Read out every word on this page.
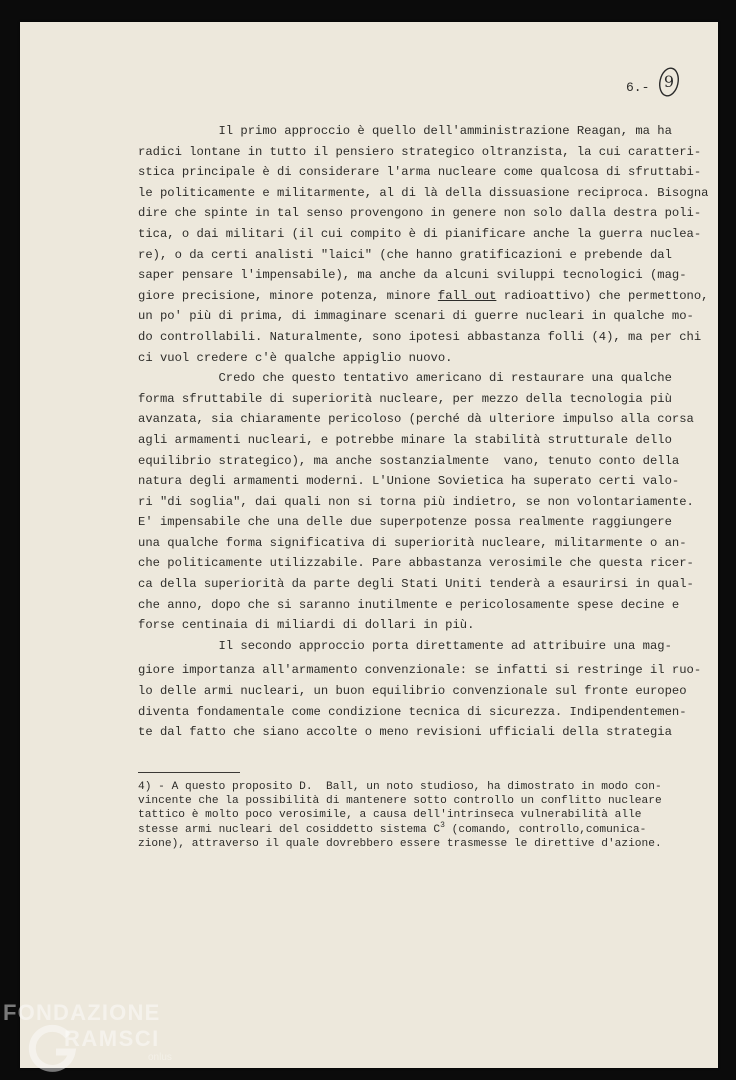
9

6.-

Il primo approccio è quello dell'amministrazione Reagan, ma ha
radici lontane in tutto il pensiero strategico oltranzista, la cui caratteri-
stica principale è di considerare l'arma nucleare come qualcosa di sfruttabi-
le politicamente e militarmente, al di là della dissuasione reciproca. Bisogna
dire che spinte in tal senso provengono in genere non solo dalla destra poli-
tica, o dai militari (il cui compito è di pianificare anche la guerra nuclea-
re), o da certi analisti "laici" (che hanno gratificazioni e prebende dal
saper pensare l'impensabile), ma anche da alcuni sviluppi tecnologici (mag-
giore precisione, minore potenza, minore fall out radioattivo) che permettono,
un po' più di prima, di immaginare scenari di guerre nucleari in qualche mo-
do controllabili. Naturalmente, sono ipotesi abbastanza folli (4), ma per chi
ci vuol credere c'è qualche appiglio nuovo.
Credo che questo tentativo americano di restaurare una qualche
forma sfruttabile di superiorità nucleare, per mezzo della tecnologia più
avanzata, sia chiaramente pericoloso (perché dà ulteriore impulso alla corsa
agli armamenti nucleari, e potrebbe minare la stabilità strutturale dello
equilibrio strategico), ma anche sostanzialmente  vano, tenuto conto della
natura degli armamenti moderni. L'Unione Sovietica ha superato certi valo-
ri "di soglia", dai quali non si torna più indietro, se non volontariamente.
E' impensabile che una delle due superpotenze possa realmente raggiungere
una qualche forma significativa di superiorità nucleare, militarmente o an-
che politicamente utilizzabile. Pare abbastanza verosimile che questa ricer-
ca della superiorità da parte degli Stati Uniti tenderà a esaurirsi in qual-
che anno, dopo che si saranno inutilmente e pericolosamente spese decine e
forse centinaia di miliardi di dollari in più.
Il secondo approccio porta direttamente ad attribuire una mag-
giore importanza all'armamento convenzionale: se infatti si restringe il ruo-
lo delle armi nucleari, un buon equilibrio convenzionale sul fronte europeo
diventa fondamentale come condizione tecnica di sicurezza. Indipendentemen-
te dal fatto che siano accolte o meno revisioni ufficiali della strategia
4) - A questo proposito D.  Ball, un noto studioso, ha dimostrato in modo con-
vincente che la possibilità di mantenere sotto controllo un conflitto nucleare
tattico è molto poco verosimile, a causa dell'intrinseca vulnerabilità alle
stesse armi nucleari del cosiddetto sistema $C^3$ (comando, controllo,comunica-
zione), attraverso il quale dovrebbero essere trasmesse le direttive d'azione.
FONDAZIONE
RAMSCI
onlus
